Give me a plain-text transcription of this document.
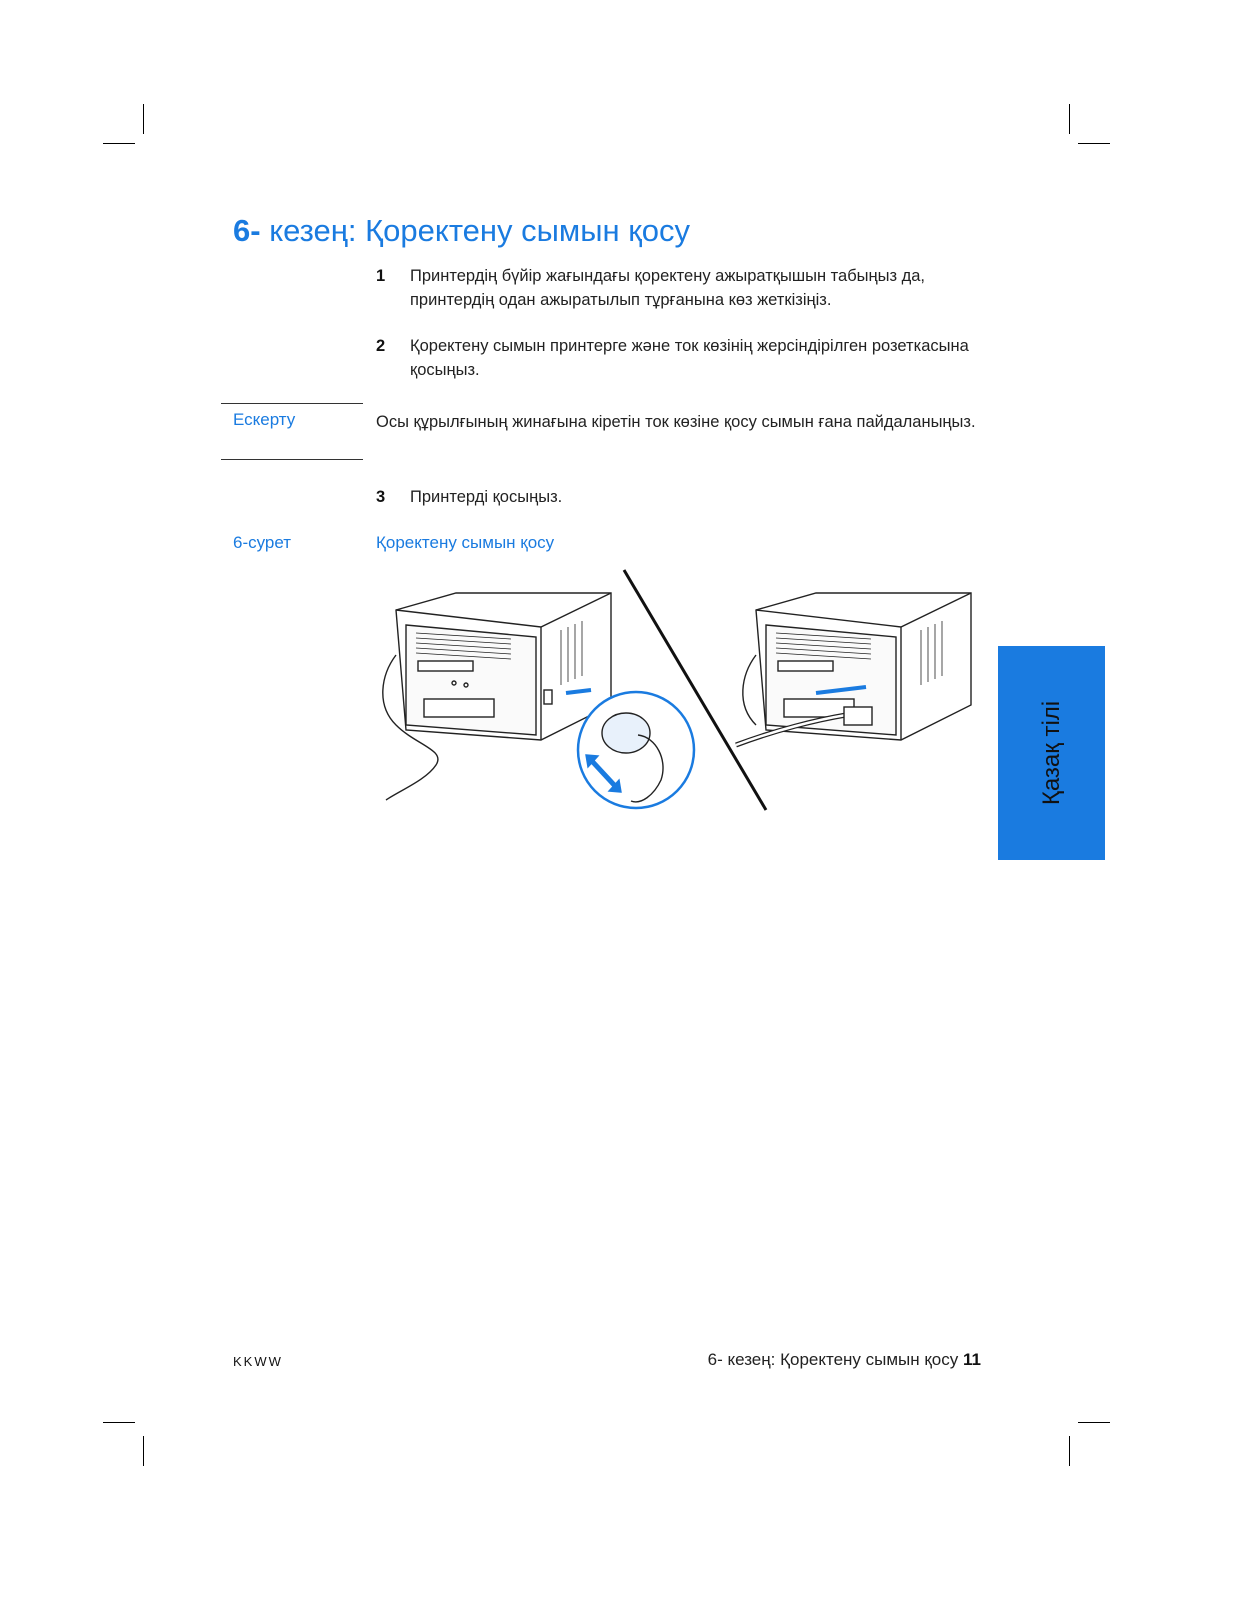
6- кезең: Қоректену сымын қосу
1 Принтердің бүйір жағындағы қоректену ажыратқышын табыңыз да, принтердің одан ажыратылып тұрғанына көз жеткізіңіз.
2 Қоректену сымын принтерге және ток көзінің жерсіндірілген розеткасына қосыңыз.
Ескерту	Осы құрылғының жинағына кіретін ток көзіне қосу сымын ғана пайдаланыңыз.
3 Принтерді қосыңыз.
6-сурет	Қоректену сымын қосу
Қазақ тілі
KKWW	6- кезең: Қоректену сымын қосу 11
